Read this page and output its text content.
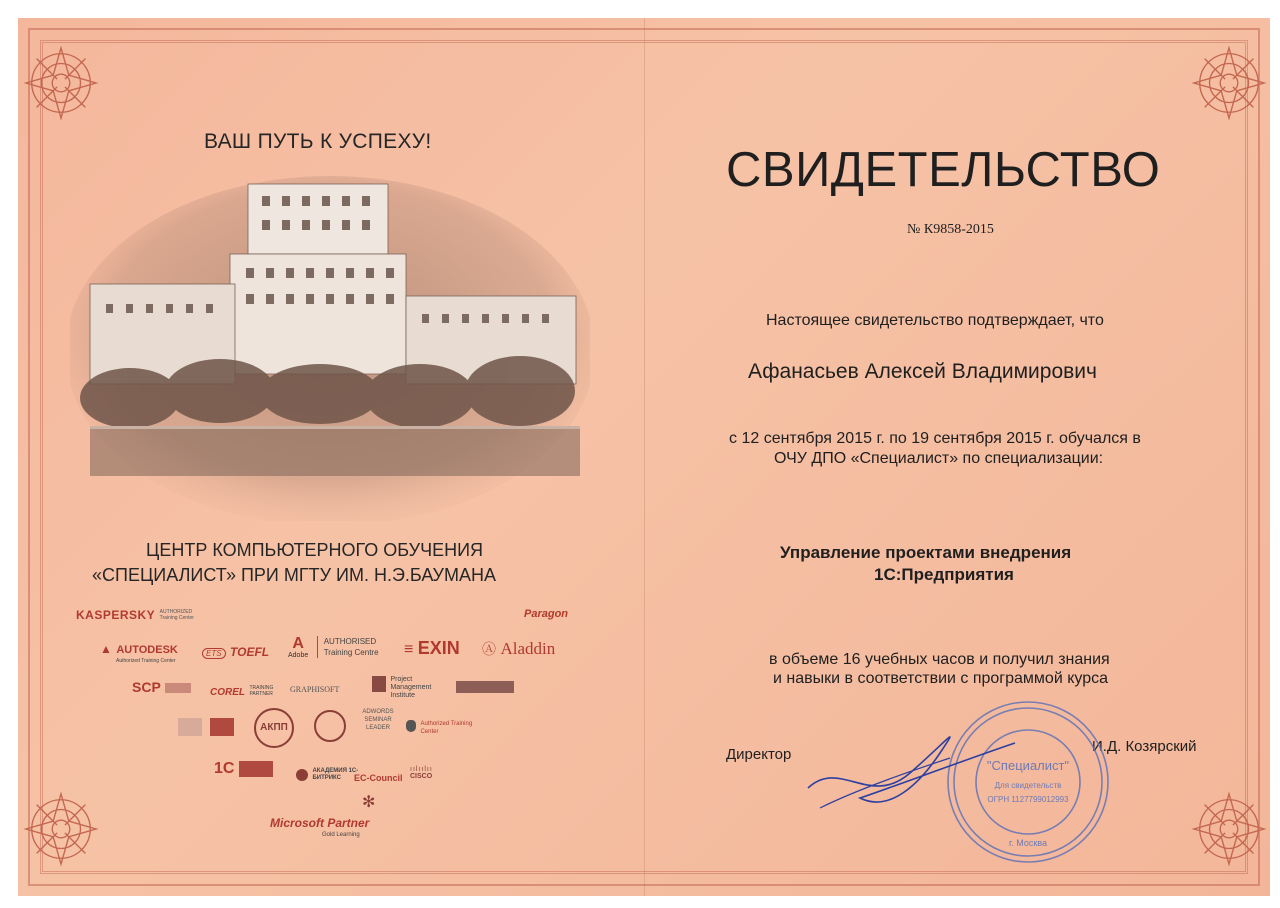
ВАШ ПУТЬ К УСПЕХУ!
ЦЕНТР КОМПЬЮТЕРНОГО ОБУЧЕНИЯ
«СПЕЦИАЛИСТ» ПРИ МГТУ ИМ. Н.Э.БАУМАНА
KASPERSKY AUTHORIZED Training Center	Paragon
▲ AUTODESK
Authorized Training Center
ETS TOEFL A
Adobe
AUTHORISED Training Centre	≡ EXIN Ⓐ Aladdin
SCP	COREL TRAINING PARTNER	GRAPHISOFT
Project Management Institute

АКПП
ADWORDS SEMINAR LEADER
Authorized Training Center
1С	АКАДЕМИЯ 1С-БИТРИКС	EC-Council
ıılıılıı
CISCO
✻
Microsoft Partner
Gold Learning
СВИДЕТЕЛЬСТВО
№ К9858-2015
Настоящее свидетельство подтверждает, что
Афанасьев Алексей Владимирович
с 12 сентября 2015 г. по 19 сентября 2015 г. обучался в
ОЧУ ДПО «Специалист» по специализации:
Управление проектами внедрения
1С:Предприятия
в объеме 16 учебных часов и получил знания
и навыки в соответствии с программой курса
Директор	И.Д. Козярский
"Специалист"
Для свидетельств
ОГРН 1127799012993
г. Москва
